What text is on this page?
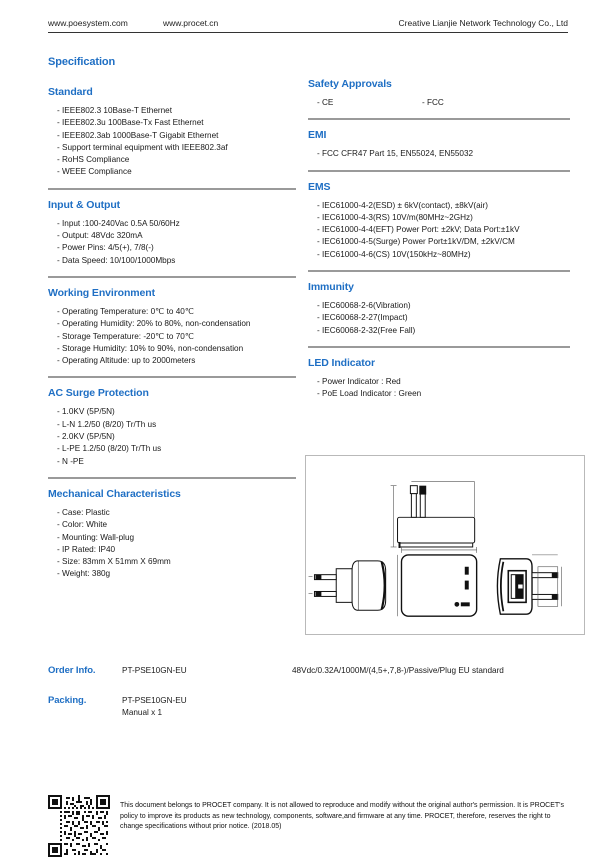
www.poesystem.com	www.procet.cn	Creative Lianjie Network Technology Co., Ltd
Specification
Standard
- IEEE802.3 10Base-T Ethernet
- IEEE802.3u 100Base-Tx Fast Ethernet
- IEEE802.3ab 1000Base-T Gigabit Ethernet
- Support terminal equipment with IEEE802.3af
- RoHS Compliance
- WEEE Compliance
Input & Output
- Input :100-240Vac 0.5A 50/60Hz
- Output: 48Vdc 320mA
- Power Pins: 4/5(+), 7/8(-)
- Data Speed: 10/100/1000Mbps
Working Environment
- Operating Temperature: 0℃ to 40℃
- Operating Humidity: 20% to 80%, non-condensation
- Storage Temperature: -20℃ to 70℃
- Storage Humidity: 10% to 90%, non-condensation
- Operating Altitude: up to 2000meters
AC Surge Protection
- 1.0KV (5P/5N)
- L-N 1.2/50 (8/20) Tr/Th us
- 2.0KV (5P/5N)
- L-PE 1.2/50 (8/20) Tr/Th us
- N -PE
Mechanical Characteristics
- Case: Plastic
- Color: White
- Mounting: Wall-plug
- IP Rated: IP40
- Size: 83mm X 51mm X 69mm
- Weight: 380g
Safety Approvals
- CE	- FCC
EMI
- FCC CFR47 Part 15, EN55024, EN55032
EMS
- IEC61000-4-2(ESD) ± 6kV(contact), ±8kV(air)
- IEC61000-4-3(RS) 10V/m(80MHz~2GHz)
- IEC61000-4-4(EFT) Power Port: ±2kV; Data Port:±1kV
- IEC61000-4-5(Surge) Power Port±1kV/DM, ±2kV/CM
- IEC61000-4-6(CS) 10V(150kHz~80MHz)
Immunity
- IEC60068-2-6(Vibration)
- IEC60068-2-27(Impact)
- IEC60068-2-32(Free Fall)
LED Indicator
- Power Indicator : Red
- PoE Load Indicator : Green
Order Info.	PT-PSE10GN-EU	48Vdc/0.32A/1000M/(4,5+,7,8-)/Passive/Plug EU standard
Packing.	PT-PSE10GN-EU
Manual x 1
This document belongs to PROCET company. It is not allowed to reproduce and modify without the original author's permission. It is PROCET's policy to improve its products as new technology, components, software,and firmware at any time. PROCET, therefore, reserves the right to change specifications without prior notice. (2018.05)
